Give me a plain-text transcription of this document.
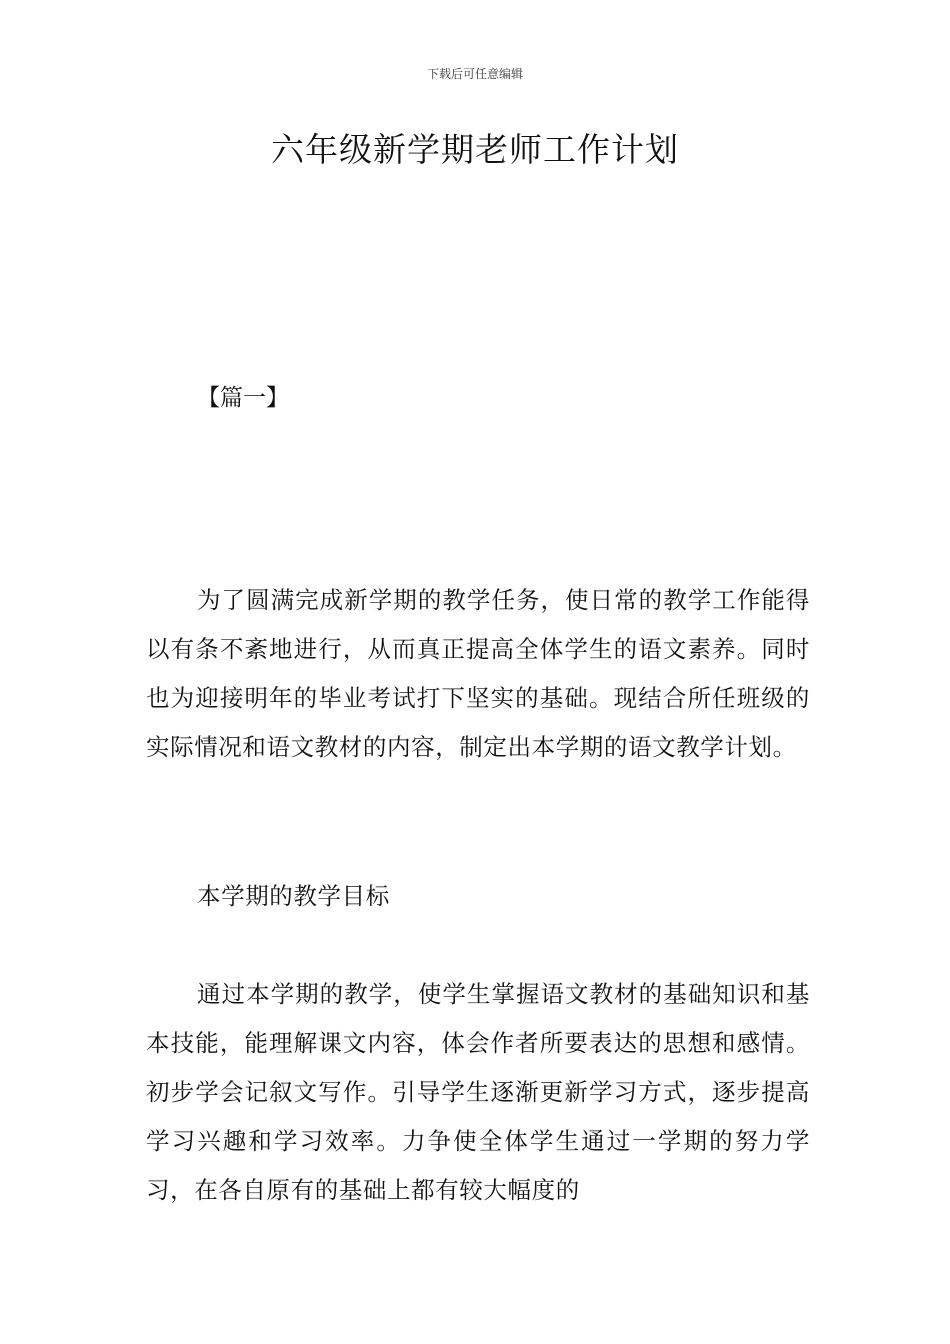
下载后可任意编辑
六年级新学期老师工作计划
【篇一】

为了圆满完成新学期的教学任务，使日常的教学工作能得以有条不紊地进行，从而真正提高全体学生的语文素养。同时也为迎接明年的毕业考试打下坚实的基础。现结合所任班级的实际情况和语文教材的内容，制定出本学期的语文教学计划。

本学期的教学目标

通过本学期的教学，使学生掌握语文教材的基础知识和基本技能，能理解课文内容，体会作者所要表达的思想和感情。初步学会记叙文写作。引导学生逐渐更新学习方式，逐步提高学习兴趣和学习效率。力争使全体学生通过一学期的努力学习，在各自原有的基础上都有较大幅度的
